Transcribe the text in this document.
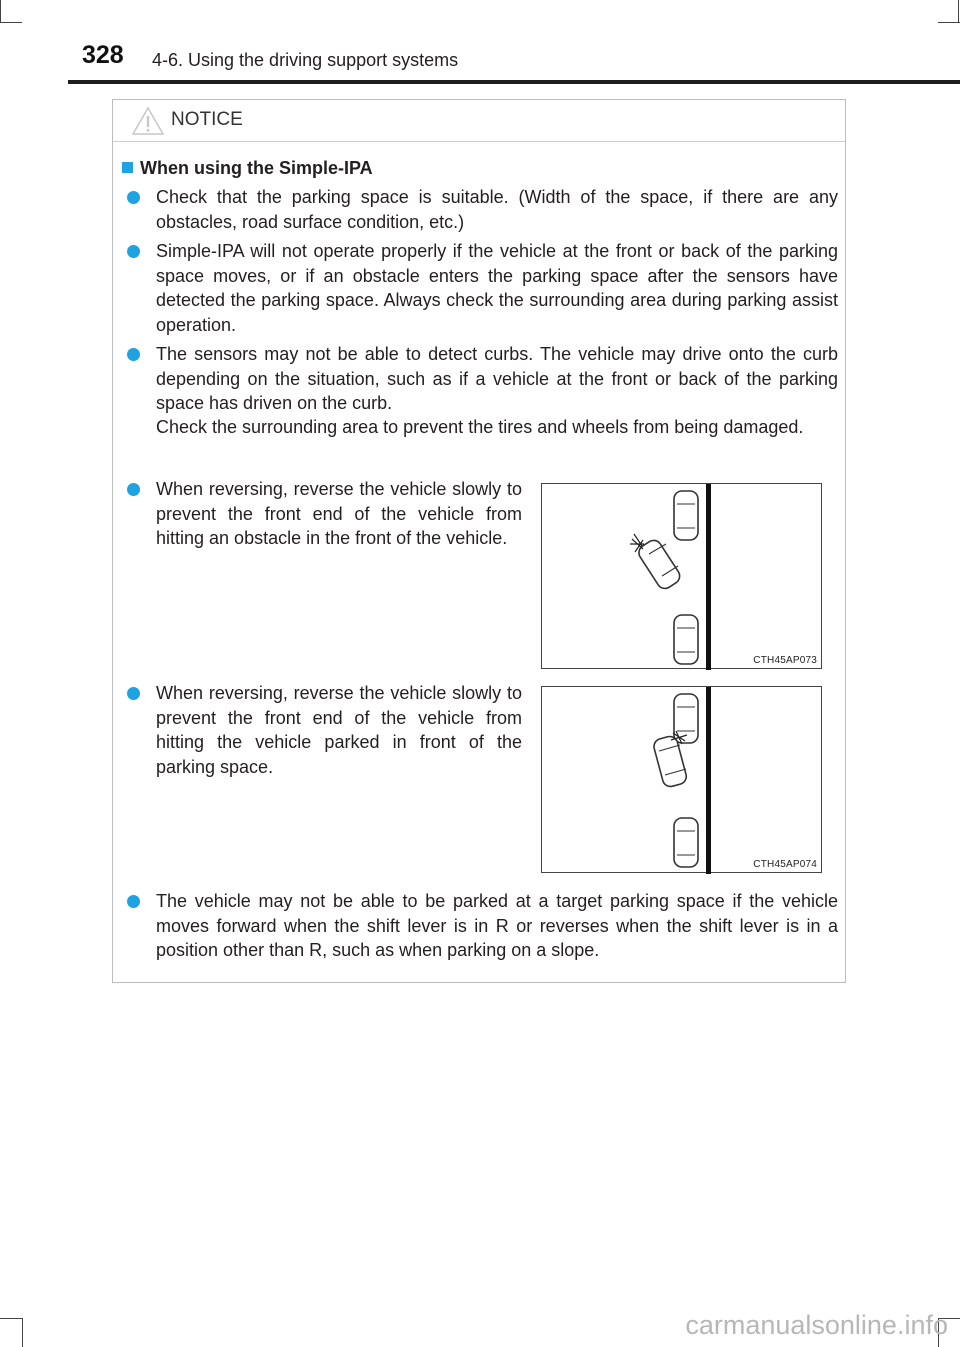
328 4-6. Using the driving support systems
NOTICE
When using the Simple-IPA
Check that the parking space is suitable. (Width of the space, if there are any obstacles, road surface condition, etc.)
Simple-IPA will not operate properly if the vehicle at the front or back of the parking space moves, or if an obstacle enters the parking space after the sensors have detected the parking space. Always check the surrounding area during parking assist operation.
The sensors may not be able to detect curbs. The vehicle may drive onto the curb depending on the situation, such as if a vehicle at the front or back of the parking space has driven on the curb.
Check the surrounding area to prevent the tires and wheels from being damaged.
When reversing, reverse the vehicle slowly to prevent the front end of the vehicle from hitting an obstacle in the front of the vehicle.
CTH45AP073
When reversing, reverse the vehicle slowly to prevent the front end of the vehicle from hitting the vehicle parked in front of the parking space.
CTH45AP074
The vehicle may not be able to be parked at a target parking space if the vehicle moves forward when the shift lever is in R or reverses when the shift lever is in a position other than R, such as when parking on a slope.
carmanualsonline.info
